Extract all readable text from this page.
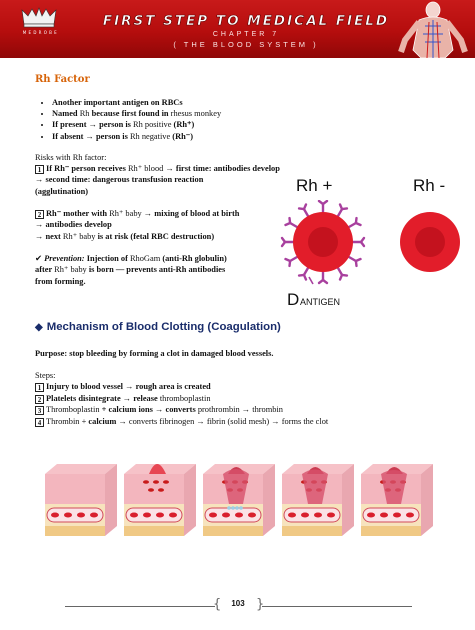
M E D R O B E
FIRST STEP TO MEDICAL FIELD
CHAPTER 7
( THE BLOOD SYSTEM )
Rh Factor
• Another important antigen on RBCs
• Named Rh because first found in rhesus monkey
• If present → person is Rh positive (Rh⁺)
• If absent → person is Rh negative (Rh⁻)
Risks with Rh factor:
1 If Rh⁻ person receives Rh⁺ blood → first time: antibodies develop
→ second time: dangerous transfusion reaction
(agglutination)
2 Rh⁻ mother with Rh⁺ baby → mixing of blood at birth
→ antibodies develop
→ next Rh⁺ baby is at risk (fetal RBC destruction)
✔ Prevention: Injection of RhoGam (anti-Rh globulin)
after Rh⁺ baby is born — prevents anti-Rh antibodies
from forming.
Rh +	Rh -
D ANTIGEN
◆ Mechanism of Blood Clotting (Coagulation)
Purpose: stop bleeding by forming a clot in damaged blood vessels.
Steps:
1 Injury to blood vessel → rough area is created
2 Platelets disintegrate → release thromboplastin
3 Thromboplastin + calcium ions → converts prothrombin → thrombin
4 Thrombin + calcium → converts fibrinogen → fibrin (solid mesh) → forms the clot
{	103 }
